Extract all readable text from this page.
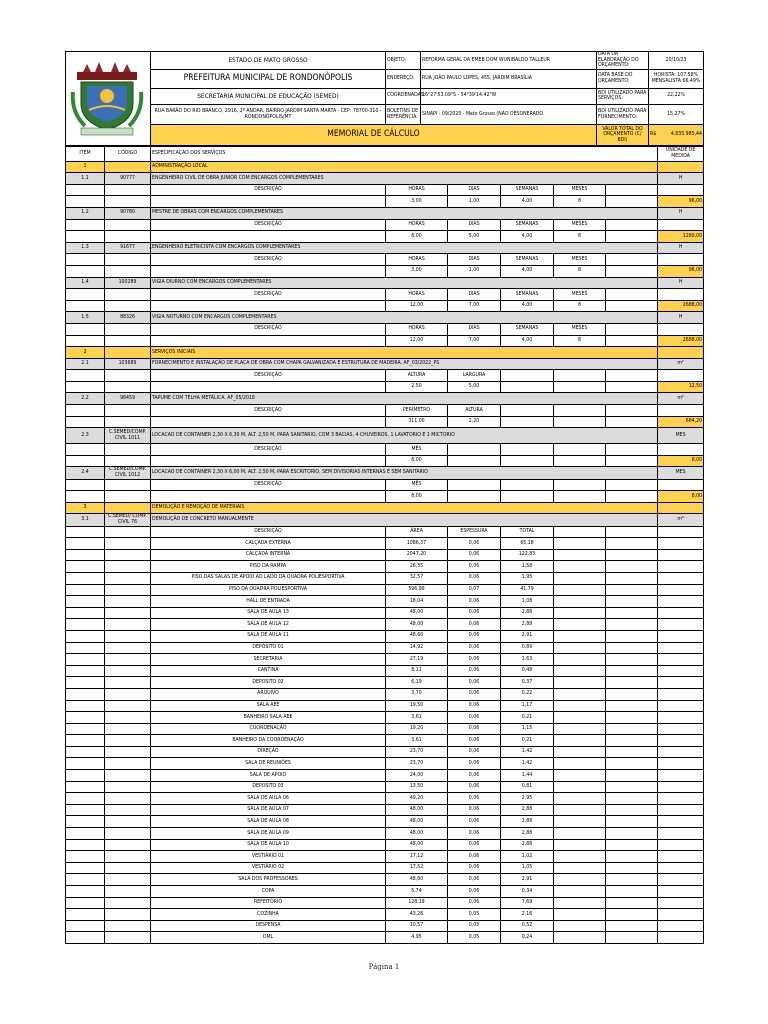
	ESTADO DE MATO GROSSO	OBJETO:	REFORMA GERAL DA EMEB DOM WUNIBALDO TALLEUR	DATA DA ELABORAÇÃO DO ORÇAMENTO:	20/10/23
	PREFEITURA MUNICIPAL DE RONDONÓPOLIS	ENDEREÇO:	RUA JOÃO PAULO LOPES, 455, JARDIM BRASÍLIA	DATA BASE DO ORÇAMENTO:	HORISTA: 107,58% MENSALISTA 66,49%
	SECRETARIA MUNICIPAL DE EDUCAÇÃO (SEMED)	COORDENADAS:	16°27'53.09"S - 54°39'14.42"W	BDI UTILIZADO PARA SERVIÇOS:	22,22%
	RUA BARÃO DO RIO BRANCO, 2916, 2º ANDAR, BAIRRO JARDIM SANTA MARTA - CEP: 78700-310 - RONDONÓPOLIS/MT	BOLETINS DE REFERÊNCIA:	SINAPI - 09/2023 - Mato Grosso (NÃO DESONERADO	BDI UTILIZADO PARA FORNECIMENTO:	15,27%
	MEMORIAL DE CÁLCULO			VALOR TOTAL DO ORÇAMENTO (C/ BDI)	R$ 4.835.985,44
ITEM	CÓDIGO	ESPECIFICAÇÃO DOS SERVIÇOS						UNIDADE DE MEDIDA
1		ADMINISTRAÇÃO LOCAL						
1.1	90777	ENGENHEIRO CIVIL DE OBRA JUNIOR COM ENCARGOS COMPLEMENTARES						H
		DESCRIÇÃO	HORAS	DIAS	SEMANAS	MESES		
			3,00	1,00	4,00	8		96,00
1.2	90780	MESTRE DE OBRAS COM ENCARGOS COMPLEMENTARES						H
		DESCRIÇÃO	HORAS	DIAS	SEMANAS	MESES		
			8,00	5,00	4,00	8		1280,00
1.3	91677	ENGENHEIRO ELETRICISTA COM ENCARGOS COMPLEMENTARES						H
		DESCRIÇÃO	HORAS	DIAS	SEMANAS	MESES		
			3,00	1,00	4,00	8		96,00
1.4	100289	VIGIA DIURNO COM ENCARGOS COMPLEMENTARES						H
		DESCRIÇÃO	HORAS	DIAS	SEMANAS	MESES		
			12,00	7,00	4,00	8		2688,00
1.5	88326	VIGIA NOTURNO COM ENCARGOS COMPLEMENTARES						H
		DESCRIÇÃO	HORAS	DIAS	SEMANAS	MESES		
			12,00	7,00	4,00	8		2688,00
2		SERVIÇOS INICIAIS						
2.1	103689	FORNECIMENTO E INSTALAÇÃO DE PLACA DE OBRA COM CHAPA GALVANIZADA E ESTRUTURA DE MADEIRA. AF_03/2022_PS						m²
		DESCRIÇÃO	ALTURA	LARGURA				
			2,50	5,00				12,50
2.2	98459	TAPUME COM TELHA METÁLICA. AF_05/2018						m²
		DESCRIÇÃO	PERÍMETRO	ALTURA				
			311,00	2,20				684,20
2.3	C.SEMED/COMP. CIVIL 1011	LOCACAO DE CONTAINER 2,30 X 6,30 M, ALT. 2,50 M, PARA SANITARIO, COM 3 BACIAS, 4 CHUVEIROS, 1 LAVATORIO E 1 MICTORIO						MES
		DESCRIÇÃO	MÊS					
			8,00					8,00
2.4	C.SEMED/COMP. CIVIL 1012	LOCACAO DE CONTAINER 2,30 X 6,00 M, ALT. 2,50 M, PARA ESCRITORIO, SEM DIVISORIAS INTERNAS E SEM SANITARIO						MES
		DESCRIÇÃO	MÊS					
			8,00					8,00
3		DEMOLIÇÃO E REMOÇÃO DE MATERIAIS						
3.1	C.SEMED/ COMP. CIVIL 76	DEMOLIÇÃO DE CONCRETO MANUALMENTE						m³
		DESCRIÇÃO	ÁREA	ESPESSURA	TOTAL			
		CALÇADA EXTERNA	1086,37	0,06	65,18			
		CALÇADA INTERNA	2047,20	0,06	122,83			
		PISO DA RAMPA	26,35	0,06	1,58			
		PISO DAS SALAS DE APOIO AO LADO DA QUADRA POLIESPORTIVA	32,57	0,06	1,95			
		PISO DA QUADRA POLIESPORTIVA	596,99	0,07	41,79			
		HALL DE ENTRADA	18,04	0,06	1,08			
		SALA DE AULA 13	48,00	0,06	2,88			
		SALA DE AULA 12	48,00	0,06	2,88			
		SALA DE AULA 11	48,60	0,06	2,91			
		DEPÓSITO 01	14,92	0,06	0,89			
		SECRETARIA	27,19	0,06	1,63			
		CANTINA	8,11	0,06	0,48			
		DEPOSITO 02	6,19	0,06	0,37			
		ARQUIVO	3,70	0,06	0,22			
		SALA AEE	19,50	0,06	1,17			
		BANHEIRO SALA AEE	3,61	0,06	0,21			
		COORDENAÇÃO	19,20	0,06	1,15			
		BANHEIRO DA COORDENAÇÃO	3,61	0,06	0,21			
		DIREÇÃO	23,70	0,06	1,42			
		SALA DE REUNIÕES	23,70	0,06	1,42			
		SALA DE APOIO	24,00	0,06	1,44			
		DEPOSITO 03	13,50	0,06	0,81			
		SALA DE AULA 06	49,20	0,06	2,95			
		SALA DE AULA 07	48,00	0,06	2,88			
		SALA DE AULA 08	48,00	0,06	2,88			
		SALA DE AULA 09	48,00	0,06	2,88			
		SALA DE AULA 10	48,00	0,06	2,88			
		VESTIÁRIO 01	17,12	0,06	1,02			
		VESTIÁRIO 02	17,52	0,06	1,05			
		SALA DOS PROFESSORES	48,60	0,06	2,91			
		COPA	5,74	0,06	0,34			
		REFEITÓRIO	128,19	0,06	7,69			
		COZINHA	43,26	0,05	2,16			
		DESPENSA	10,57	0,05	0,52			
		DML	4,95	0,05	0,24			
Página 1
